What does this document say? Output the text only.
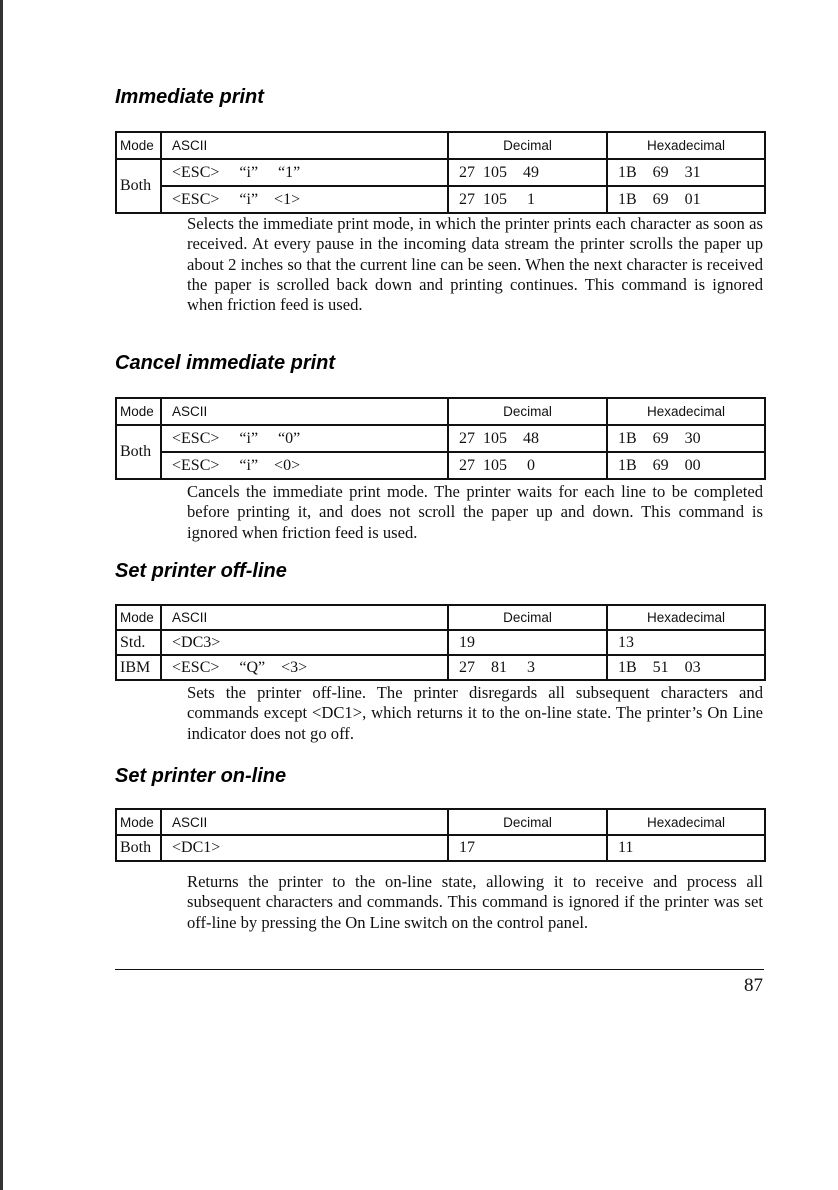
Immediate print
Mode	ASCII	Decimal	Hexadecimal
Both	<ESC>     “i”     “1”	27  105    49	1B    69    31
	<ESC>     “i”    <1>	27  105     1	1B    69    01

Selects the immediate print mode, in which the printer prints each character as soon as received. At every pause in the incoming data stream the printer scrolls the paper up about 2 inches so that the current line can be seen. When the next character is received the paper is scrolled back down and printing continues. This command is ignored when friction feed is used.

Cancel immediate print
Mode	ASCII	Decimal	Hexadecimal
Both	<ESC>     “i”     “0”	27  105    48	1B    69    30
	<ESC>     “i”    <0>	27  105     0	1B    69    00

Cancels the immediate print mode. The printer waits for each line to be completed before printing it, and does not scroll the paper up and down. This command is ignored when friction feed is used.

Set printer off-line
Mode	ASCII	Decimal	Hexadecimal
Std.	<DC3>	19	13
IBM	<ESC>     “Q”    <3>	27    81     3	1B    51    03

Sets the printer off-line. The printer disregards all subsequent characters and commands except <DC1>, which returns it to the on-line state. The printer’s On Line indicator does not go off.

Set printer on-line
Mode	ASCII	Decimal	Hexadecimal
Both	<DC1>	17	11

Returns the printer to the on-line state, allowing it to receive and process all subsequent characters and commands. This command is ignored if the printer was set off-line by pressing the On Line switch on the control panel.

87
